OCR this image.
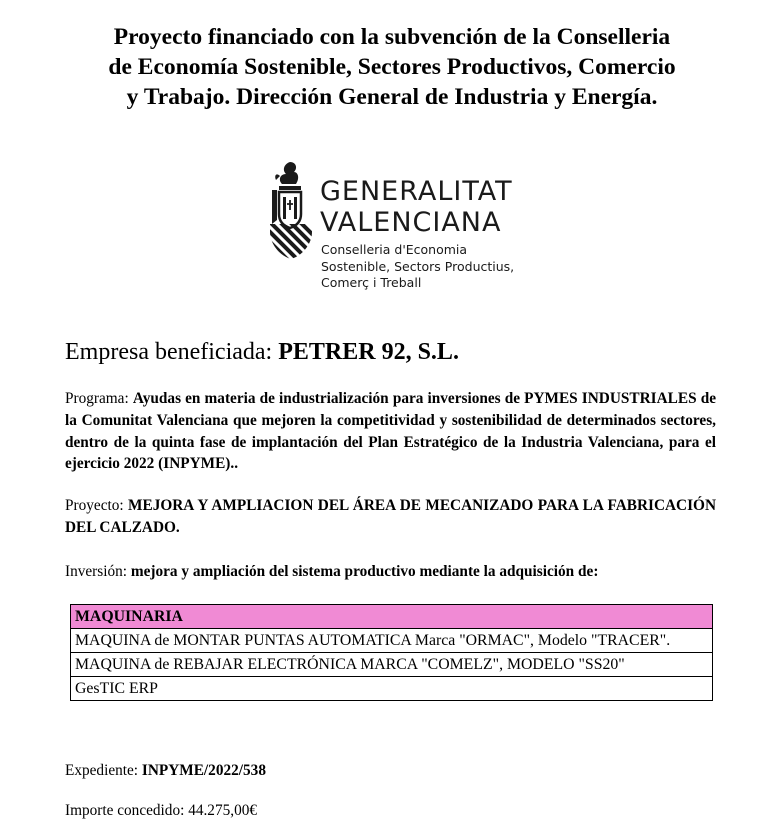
Proyecto financiado con la subvención de la Conselleria
de Economía Sostenible, Sectores Productivos, Comercio
y Trabajo. Dirección General de Industria y Energía.
GENERALITAT
VALENCIANA
Conselleria d'Economia
Sostenible, Sectors Productius,
Comerç i Treball
Empresa beneficiada: PETRER 92, S.L.
Programa: Ayudas en materia de industrialización para inversiones de PYMES INDUSTRIALES de la Comunitat Valenciana que mejoren la competitividad y sostenibilidad de determinados sectores, dentro de la quinta fase de implantación del Plan Estratégico de la Industria Valenciana, para el ejercicio 2022 (INPYME)..
Proyecto: MEJORA Y AMPLIACION DEL ÁREA DE MECANIZADO PARA LA FABRICACIÓN DEL CALZADO.
Inversión: mejora y ampliación del sistema productivo mediante la adquisición de:
MAQUINARIA
MAQUINA de MONTAR PUNTAS AUTOMATICA Marca "ORMAC", Modelo "TRACER".
MAQUINA de REBAJAR ELECTRÓNICA MARCA "COMELZ", MODELO "SS20"
GesTIC ERP
Expediente: INPYME/2022/538
Importe concedido: 44.275,00€
